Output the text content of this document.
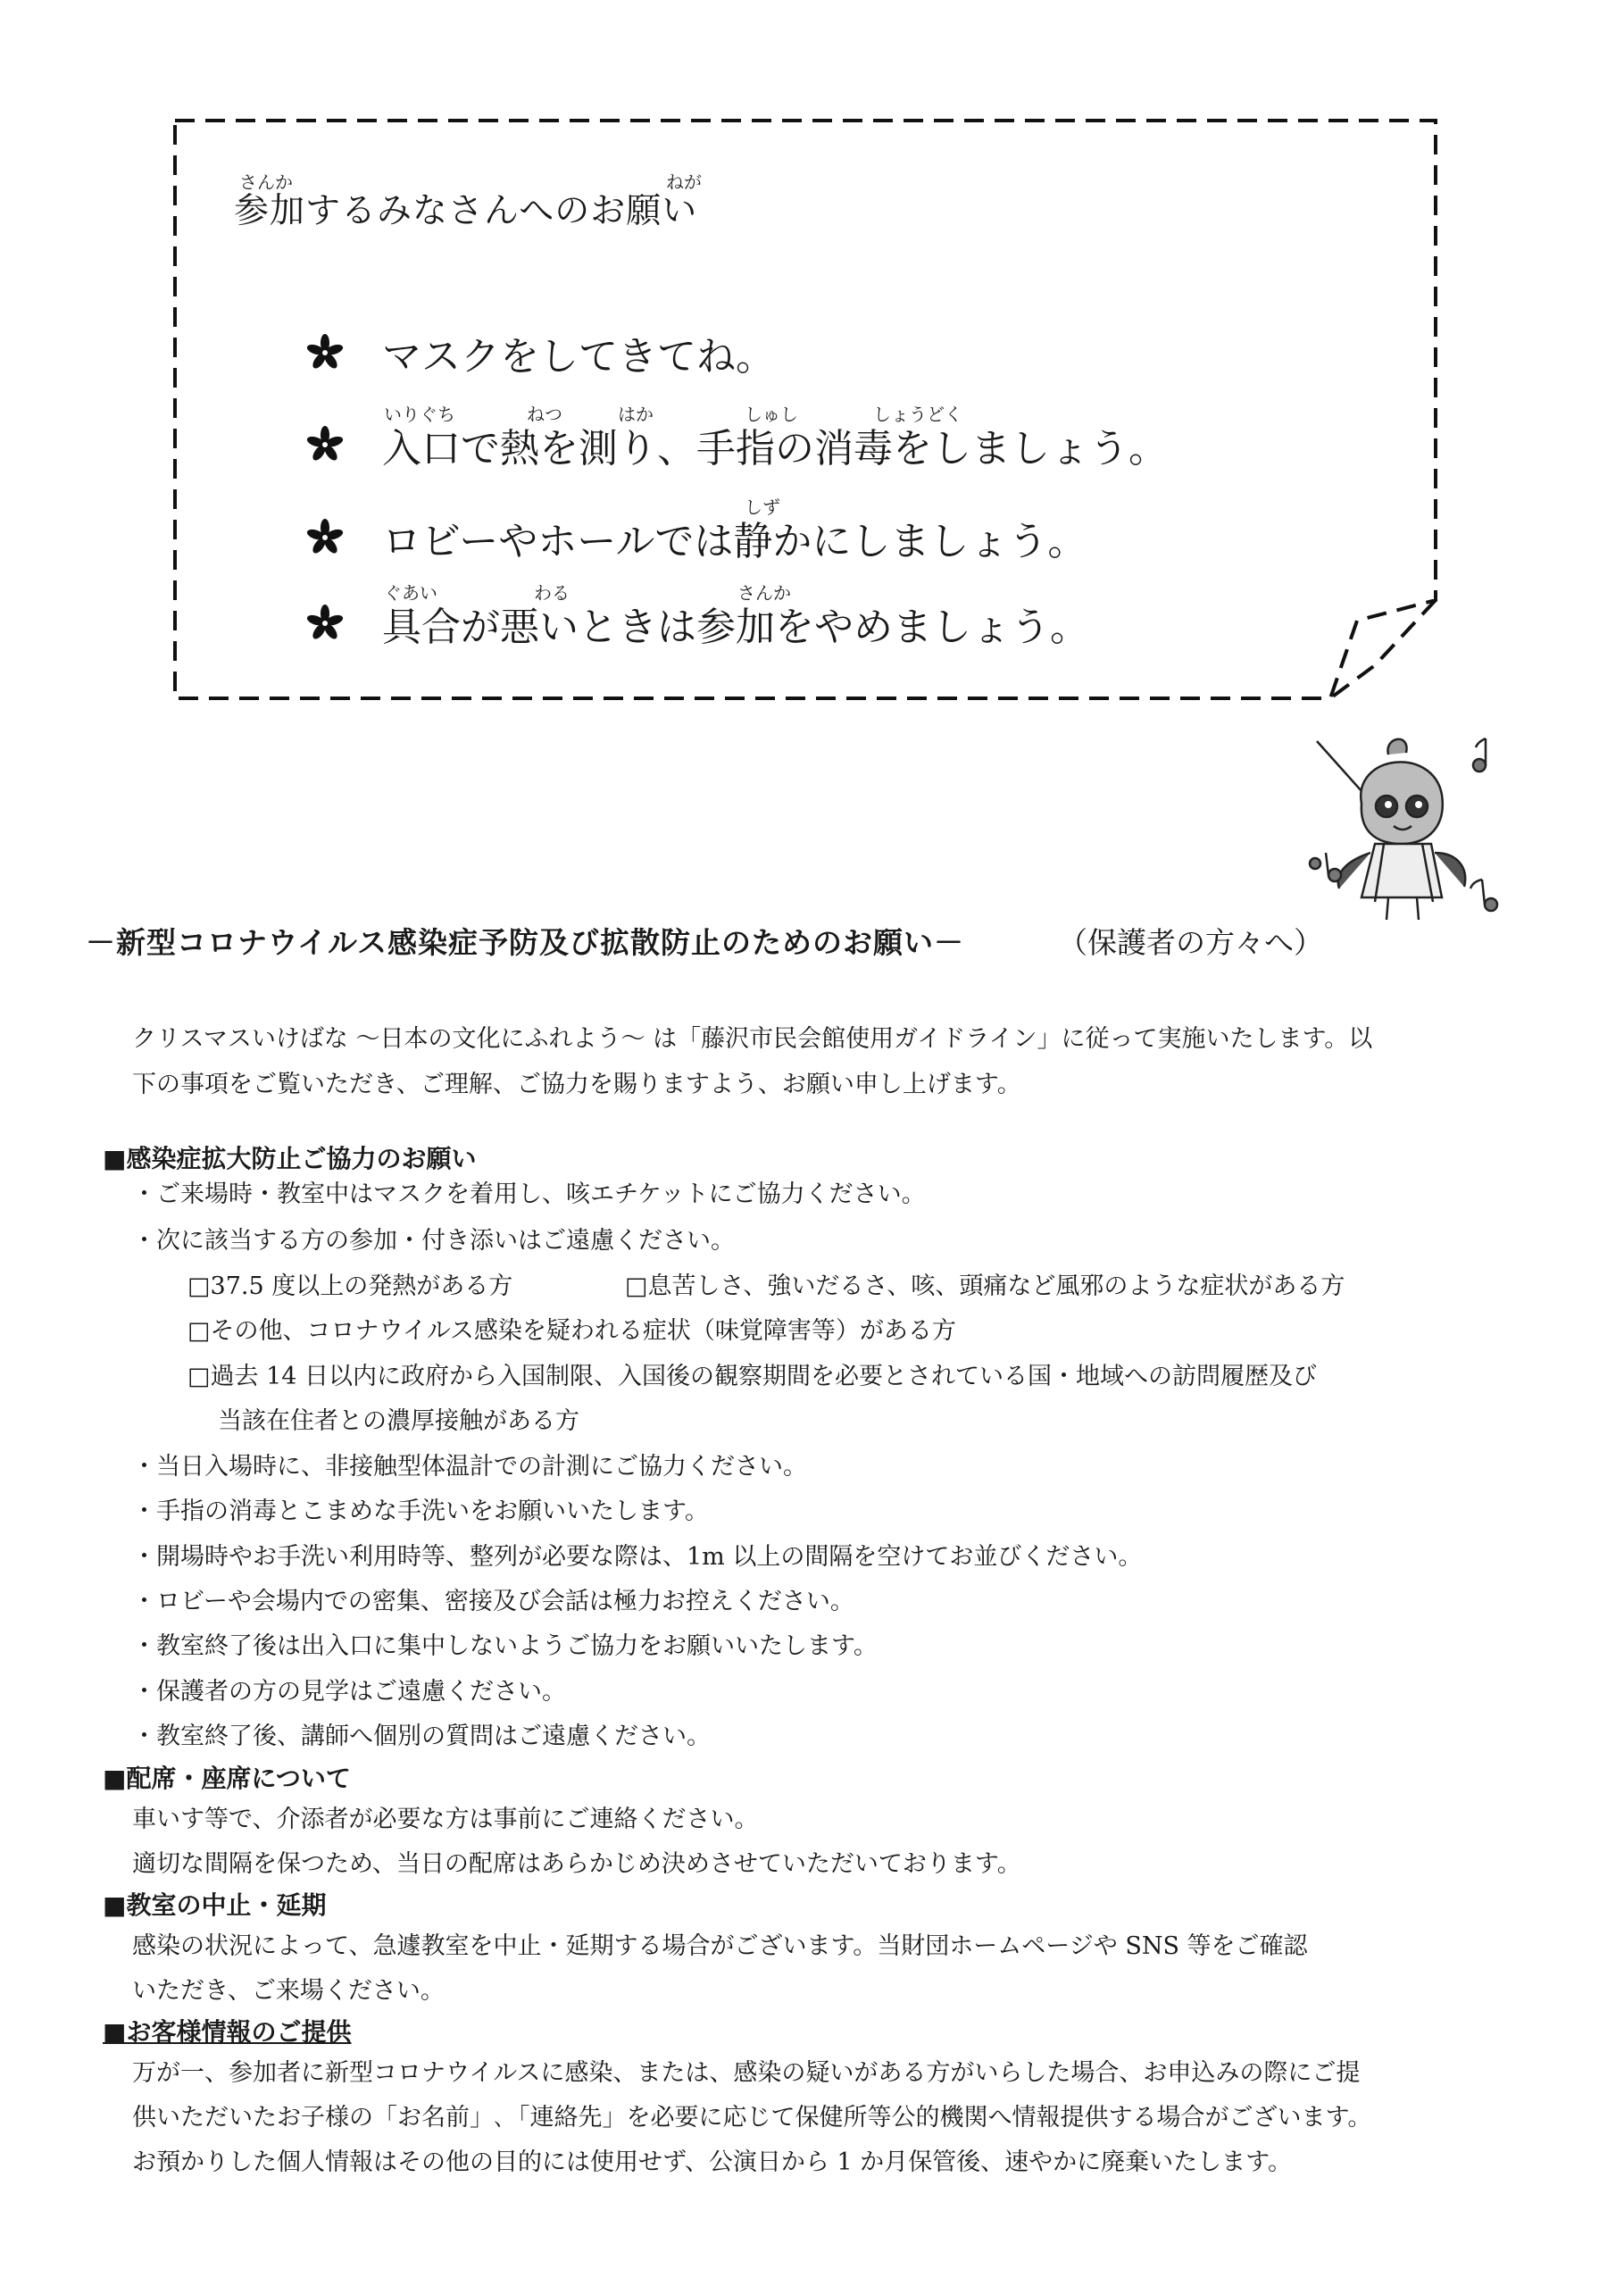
さんか	ねが
参加するみなさんへのお願い
マスクをしてきてね。
いりぐち	ねつ	はか	しゅし	しょうどく
入口で熱を測り、手指の消毒をしましょう。
しず
ロビーやホールでは静かにしましょう。
ぐあい	わる	さんか
具合が悪いときは参加をやめましょう。
－新型コロナウイルス感染症予防及び拡散防止のためのお願い－	（保護者の方々へ）
クリスマスいけばな ～日本の文化にふれよう～ は「藤沢市民会館使用ガイドライン」に従って実施いたします。以
下の事項をご覧いただき、ご理解、ご協力を賜りますよう、お願い申し上げます。
■感染症拡大防止ご協力のお願い
・ご来場時・教室中はマスクを着用し、咳エチケットにご協力ください。
・次に該当する方の参加・付き添いはご遠慮ください。
□37.5 度以上の発熱がある方	□息苦しさ、強いだるさ、咳、頭痛など風邪のような症状がある方
□その他、コロナウイルス感染を疑われる症状（味覚障害等）がある方
□過去 14 日以内に政府から入国制限、入国後の観察期間を必要とされている国・地域への訪問履歴及び
当該在住者との濃厚接触がある方
・当日入場時に、非接触型体温計での計測にご協力ください。
・手指の消毒とこまめな手洗いをお願いいたします。
・開場時やお手洗い利用時等、整列が必要な際は、1m 以上の間隔を空けてお並びください。
・ロビーや会場内での密集、密接及び会話は極力お控えください。
・教室終了後は出入口に集中しないようご協力をお願いいたします。
・保護者の方の見学はご遠慮ください。
・教室終了後、講師へ個別の質問はご遠慮ください。
■配席・座席について
車いす等で、介添者が必要な方は事前にご連絡ください。
適切な間隔を保つため、当日の配席はあらかじめ決めさせていただいております。
■教室の中止・延期
感染の状況によって、急遽教室を中止・延期する場合がございます。当財団ホームページや SNS 等をご確認
いただき、ご来場ください。
■お客様情報のご提供
万が一、参加者に新型コロナウイルスに感染、または、感染の疑いがある方がいらした場合、お申込みの際にご提
供いただいたお子様の「お名前」､「連絡先」を必要に応じて保健所等公的機関へ情報提供する場合がございます。
お預かりした個人情報はその他の目的には使用せず、公演日から 1 か月保管後、速やかに廃棄いたします。
